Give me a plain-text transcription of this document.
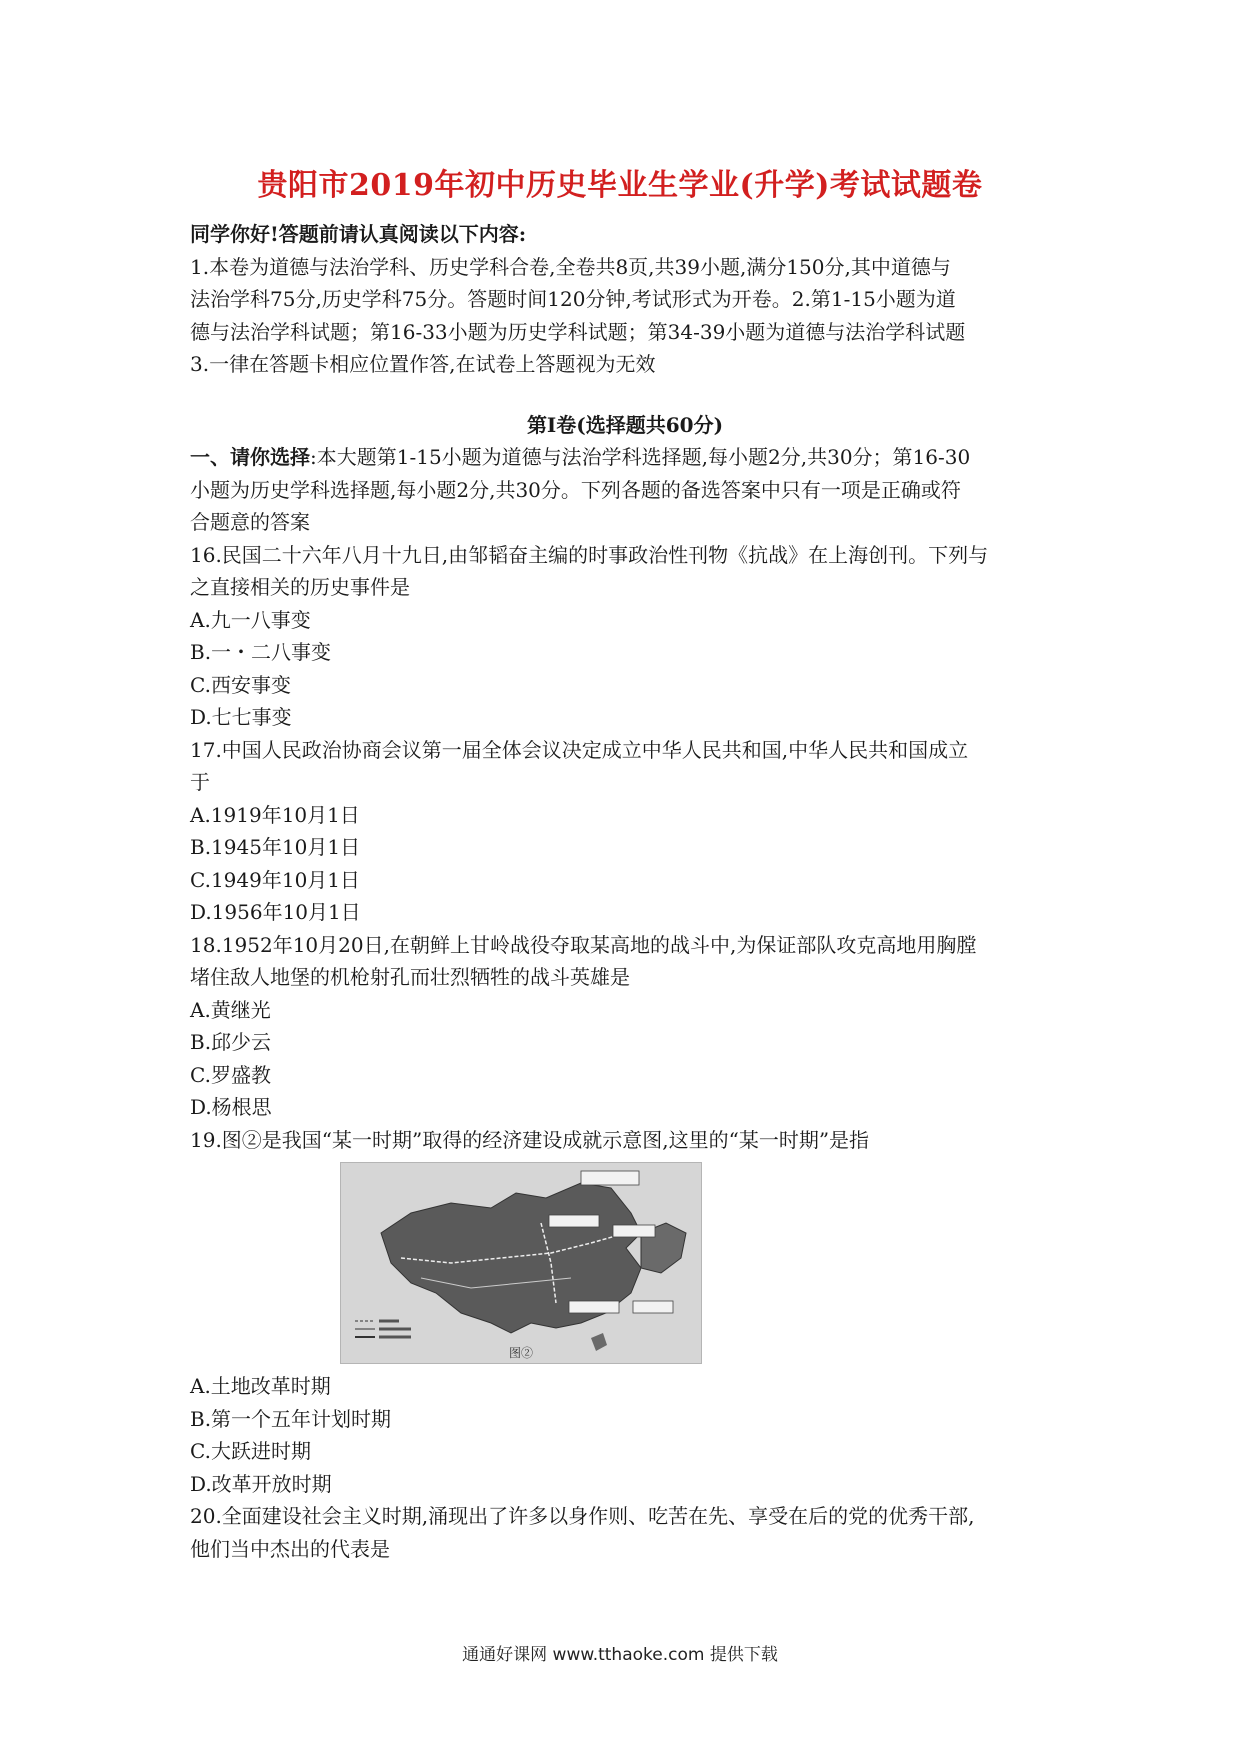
贵阳市2019年初中历史毕业生学业(升学)考试试题卷
同学你好!答题前请认真阅读以下内容:
1.本卷为道德与法治学科、历史学科合卷,全卷共8页,共39小题,满分150分,其中道德与
法治学科75分,历史学科75分。答题时间120分钟,考试形式为开卷。2.第1-15小题为道
德与法治学科试题；第16-33小题为历史学科试题；第34-39小题为道德与法治学科试题
3.一律在答题卡相应位置作答,在试卷上答题视为无效
第Ⅰ卷(选择题共60分)
一、请你选择:本大题第1-15小题为道德与法治学科选择题,每小题2分,共30分；第16-30
小题为历史学科选择题,每小题2分,共30分。下列各题的备选答案中只有一项是正确或符
合题意的答案
16.民国二十六年八月十九日,由邹韬奋主编的时事政治性刊物《抗战》在上海创刊。下列与
之直接相关的历史事件是
A.九一八事变
B.一・二八事变
C.西安事变
D.七七事变
17.中国人民政治协商会议第一届全体会议决定成立中华人民共和国,中华人民共和国成立
于
A.1919年10月1日
B.1945年10月1日
C.1949年10月1日
D.1956年10月1日
18.1952年10月20日,在朝鲜上甘岭战役夺取某高地的战斗中,为保证部队攻克高地用胸膛
堵住敌人地堡的机枪射孔而壮烈牺牲的战斗英雄是
A.黄继光
B.邱少云
C.罗盛教
D.杨根思
19.图②是我国“某一时期”取得的经济建设成就示意图,这里的“某一时期”是指
图②
A.土地改革时期
B.第一个五年计划时期
C.大跃进时期
D.改革开放时期
20.全面建设社会主义时期,涌现出了许多以身作则、吃苦在先、享受在后的党的优秀干部,
他们当中杰出的代表是
通通好课网 www.tthaoke.com 提供下载
